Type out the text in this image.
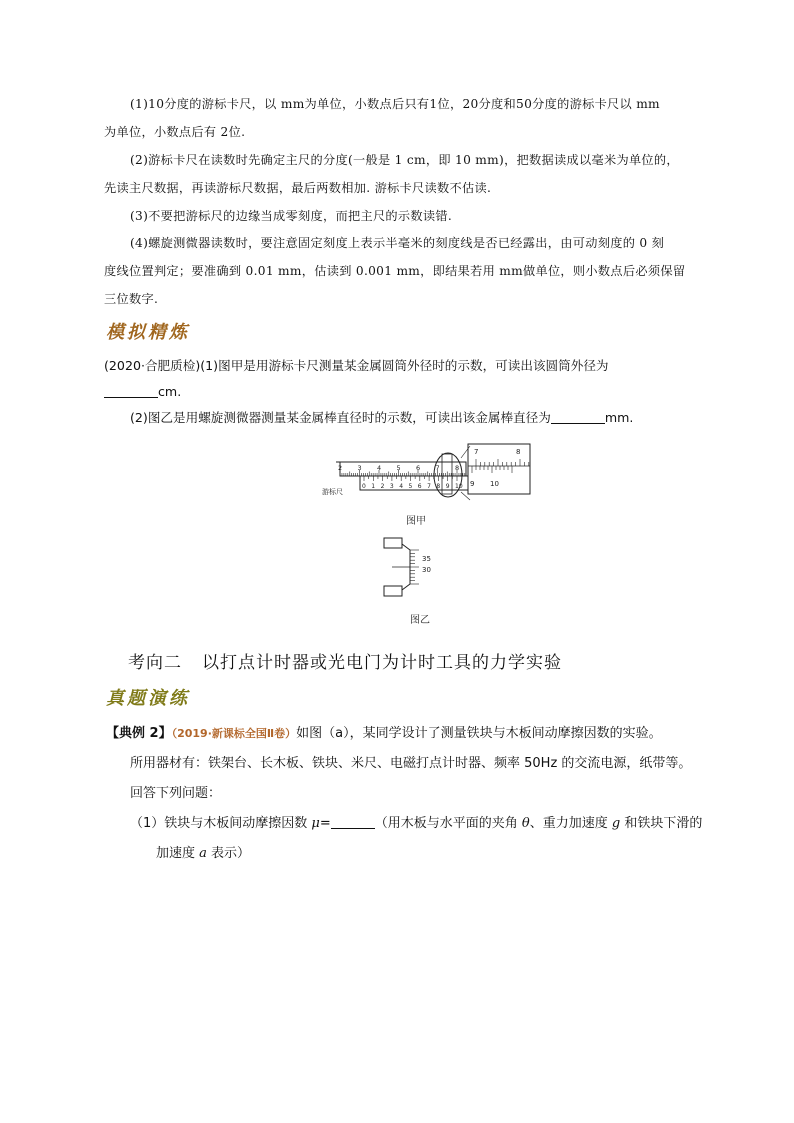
(1)10分度的游标卡尺，以 mm为单位，小数点后只有1位，20分度和50分度的游标卡尺以 mm
为单位，小数点后有 2位.

(2)游标卡尺在读数时先确定主尺的分度(一般是 1 cm，即 10 mm)，把数据读成以毫米为单位的，
先读主尺数据，再读游标尺数据，最后两数相加. 游标卡尺读数不估读.

(3)不要把游标尺的边缘当成零刻度，而把主尺的示数读错.

(4)螺旋测微器读数时，要注意固定刻度上表示半毫米的刻度线是否已经露出，由可动刻度的 0 刻
度线位置判定；要准确到 0.01 mm，估读到 0.001 mm，即结果若用 mm做单位，则小数点后必须保留
三位数字.

模拟精炼
(2020·合肥质检)(1)图甲是用游标卡尺测量某金属圆筒外径时的示数，可读出该圆筒外径为
cm.
(2)图乙是用螺旋测微器测量某金属棒直径时的示数，可读出该金属棒直径为	mm.
2 3 4 5 6 7 8
0 1 2 3 4 5 6 7 8 9 10
游标尺
7	8
9 10
图甲
35
30
图乙
考向二 以打点计时器或光电门为计时工具的力学实验
真题演练
【典例 2】（2019·新课标全国Ⅱ卷）如图（a），某同学设计了测量铁块与木板间动摩擦因数的实验。
所用器材有：铁架台、长木板、铁块、米尺、电磁打点计时器、频率 50Hz 的交流电源，纸带等。
回答下列问题：
（1）铁块与木板间动摩擦因数 μ=	（用木板与水平面的夹角 θ、重力加速度 g 和铁块下滑的
加速度 a 表示）
